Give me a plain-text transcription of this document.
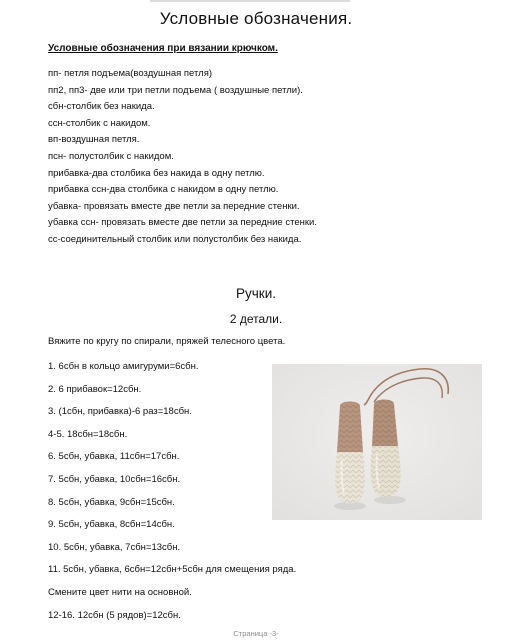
Условные обозначения.

Условные обозначения при вязании крючком.

пп- петля подъема(воздушная петля)
пп2, пп3- две или три петли подъема ( воздушные петли).
сбн-столбик без накида.
ссн-столбик с накидом.
вп-воздушная петля.
псн- полустолбик с накидом.
прибавка-два столбика без накида в одну петлю.
прибавка ссн-два столбика с накидом в одну петлю.
убавка- провязать вместе две петли за передние стенки.
убавка ссн- провязать вместе две петли за передние стенки.
сс-соединительный столбик или полустолбик без накида.
Ручки.
2 детали.

Вяжите по кругу по спирали, пряжей телесного цвета.

1. 6сбн в кольцо амигуруми=6сбн.
2. 6 прибавок=12сбн.
3. (1сбн, прибавка)-6 раз=18сбн.
4-5. 18сбн=18сбн.
6. 5сбн, убавка, 11сбн=17сбн.
7. 5сбн, убавка, 10сбн=16сбн.
8. 5сбн, убавка, 9сбн=15сбн.
9. 5сбн, убавка, 8сбн=14сбн.
10. 5сбн, убавка, 7сбн=13сбн.
11. 5сбн, убавка, 6сбн=12сбн+5сбн для смещения ряда.
Смените цвет нити на основной.
12-16. 12сбн (5 рядов)=12сбн.
Страница -3-
